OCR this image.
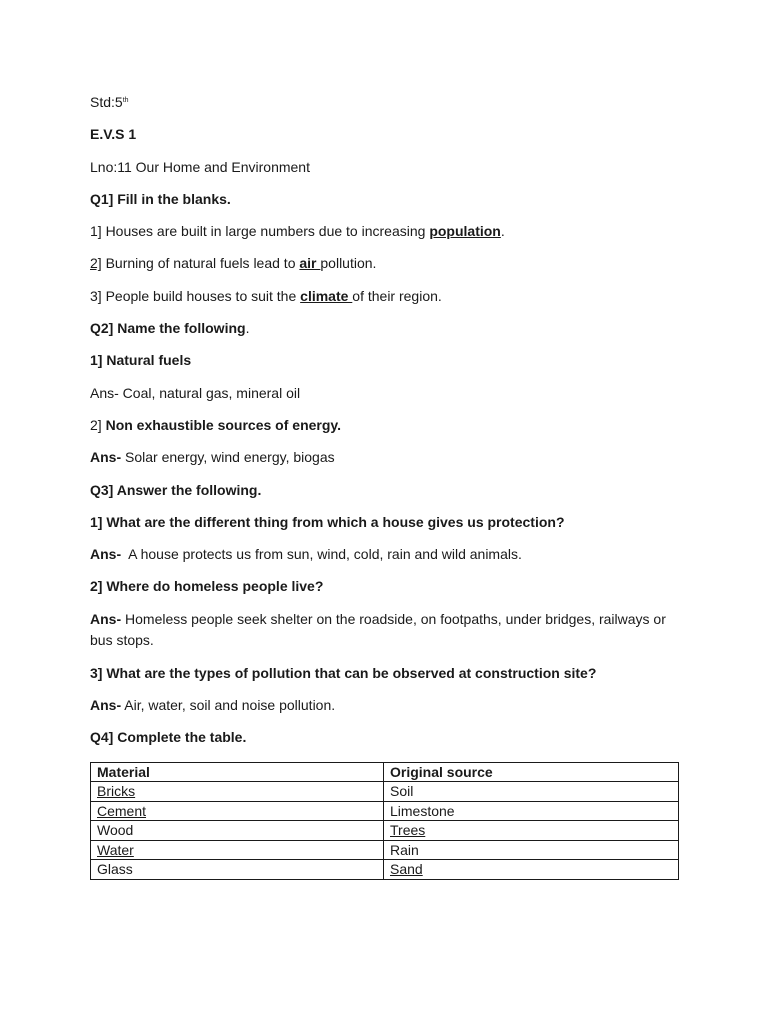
Std:5th
E.V.S 1
Lno:11 Our Home and Environment
Q1] Fill in the blanks.
1] Houses are built in large numbers due to increasing population.
2] Burning of natural fuels lead to air pollution.
3] People build houses to suit the climate of their region.
Q2] Name the following.
1] Natural fuels
Ans- Coal, natural gas, mineral oil
2] Non exhaustible sources of energy.
Ans- Solar energy, wind energy, biogas
Q3] Answer the following.
1] What are the different thing from which a house gives us protection?
Ans-  A house protects us from sun, wind, cold, rain and wild animals.
2] Where do homeless people live?
Ans- Homeless people seek shelter on the roadside, on footpaths, under bridges, railways or bus stops.
3] What are the types of pollution that can be observed at construction site?
Ans- Air, water, soil and noise pollution.
Q4] Complete the table.
Material	Original source
Bricks	Soil
Cement	Limestone
Wood	Trees
Water	Rain
Glass	Sand
